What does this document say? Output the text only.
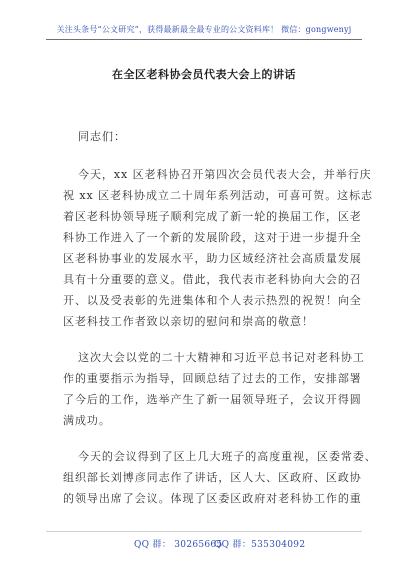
关注头条号“公文研究”，获得最新最全最专业的公文资料库！ 微信：gongwenyj
在全区老科协会员代表大会上的讲话
同志们：
今天，xx 区老科协召开第四次会员代表大会，并举行庆
祝 xx 区老科协成立二十周年系列活动，可喜可贺。这标志
着区老科协领导班子顺利完成了新一轮的换届工作，区老
科协工作进入了一个新的发展阶段，这对于进一步提升全
区老科协事业的发展水平，助力区域经济社会高质量发展
具有十分重要的意义。借此，我代表市老科协向大会的召
开、以及受表彰的先进集体和个人表示热烈的祝贺！向全
区老科技工作者致以亲切的慰问和崇高的敬意！
这次大会以党的二十大精神和习近平总书记对老科协工
作的重要指示为指导，回顾总结了过去的工作，安排部署
了今后的工作，选举产生了新一届领导班子，会议开得圆
满成功。
今天的会议得到了区上几大班子的高度重视，区委常委、
组织部长刘博彦同志作了讲话，区人大、区政府、区政协
的领导出席了会议。体现了区委区政府对老科协工作的重
QQ 群： 30265665
QQ 群：535304092
